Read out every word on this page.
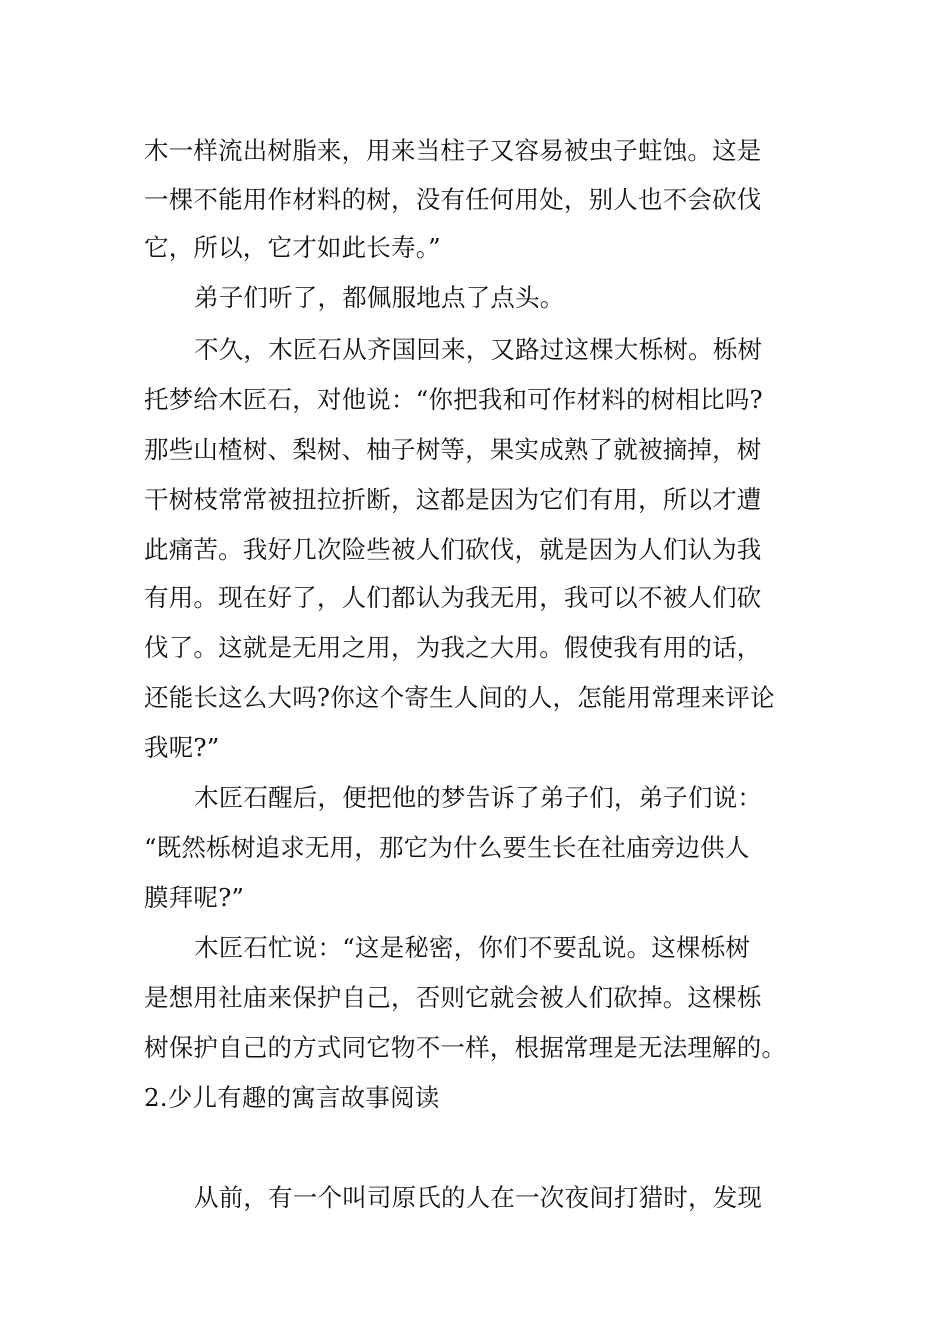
木一样流出树脂来，用来当柱子又容易被虫子蛀蚀。这是

一棵不能用作材料的树，没有任何用处，别人也不会砍伐

它，所以，它才如此长寿。”

弟子们听了，都佩服地点了点头。

不久，木匠石从齐国回来，又路过这棵大栎树。栎树

托梦给木匠石，对他说：“你把我和可作材料的树相比吗?

那些山楂树、梨树、柚子树等，果实成熟了就被摘掉，树

干树枝常常被扭拉折断，这都是因为它们有用，所以才遭

此痛苦。我好几次险些被人们砍伐，就是因为人们认为我

有用。现在好了，人们都认为我无用，我可以不被人们砍

伐了。这就是无用之用，为我之大用。假使我有用的话，

还能长这么大吗?你这个寄生人间的人，怎能用常理来评论

我呢?”

木匠石醒后，便把他的梦告诉了弟子们，弟子们说：

“既然栎树追求无用，那它为什么要生长在社庙旁边供人

膜拜呢?”

木匠石忙说：“这是秘密，你们不要乱说。这棵栎树

是想用社庙来保护自己，否则它就会被人们砍掉。这棵栎

树保护自己的方式同它物不一样，根据常理是无法理解的。

2.少儿有趣的寓言故事阅读

从前，有一个叫司原氏的人在一次夜间打猎时，发现
